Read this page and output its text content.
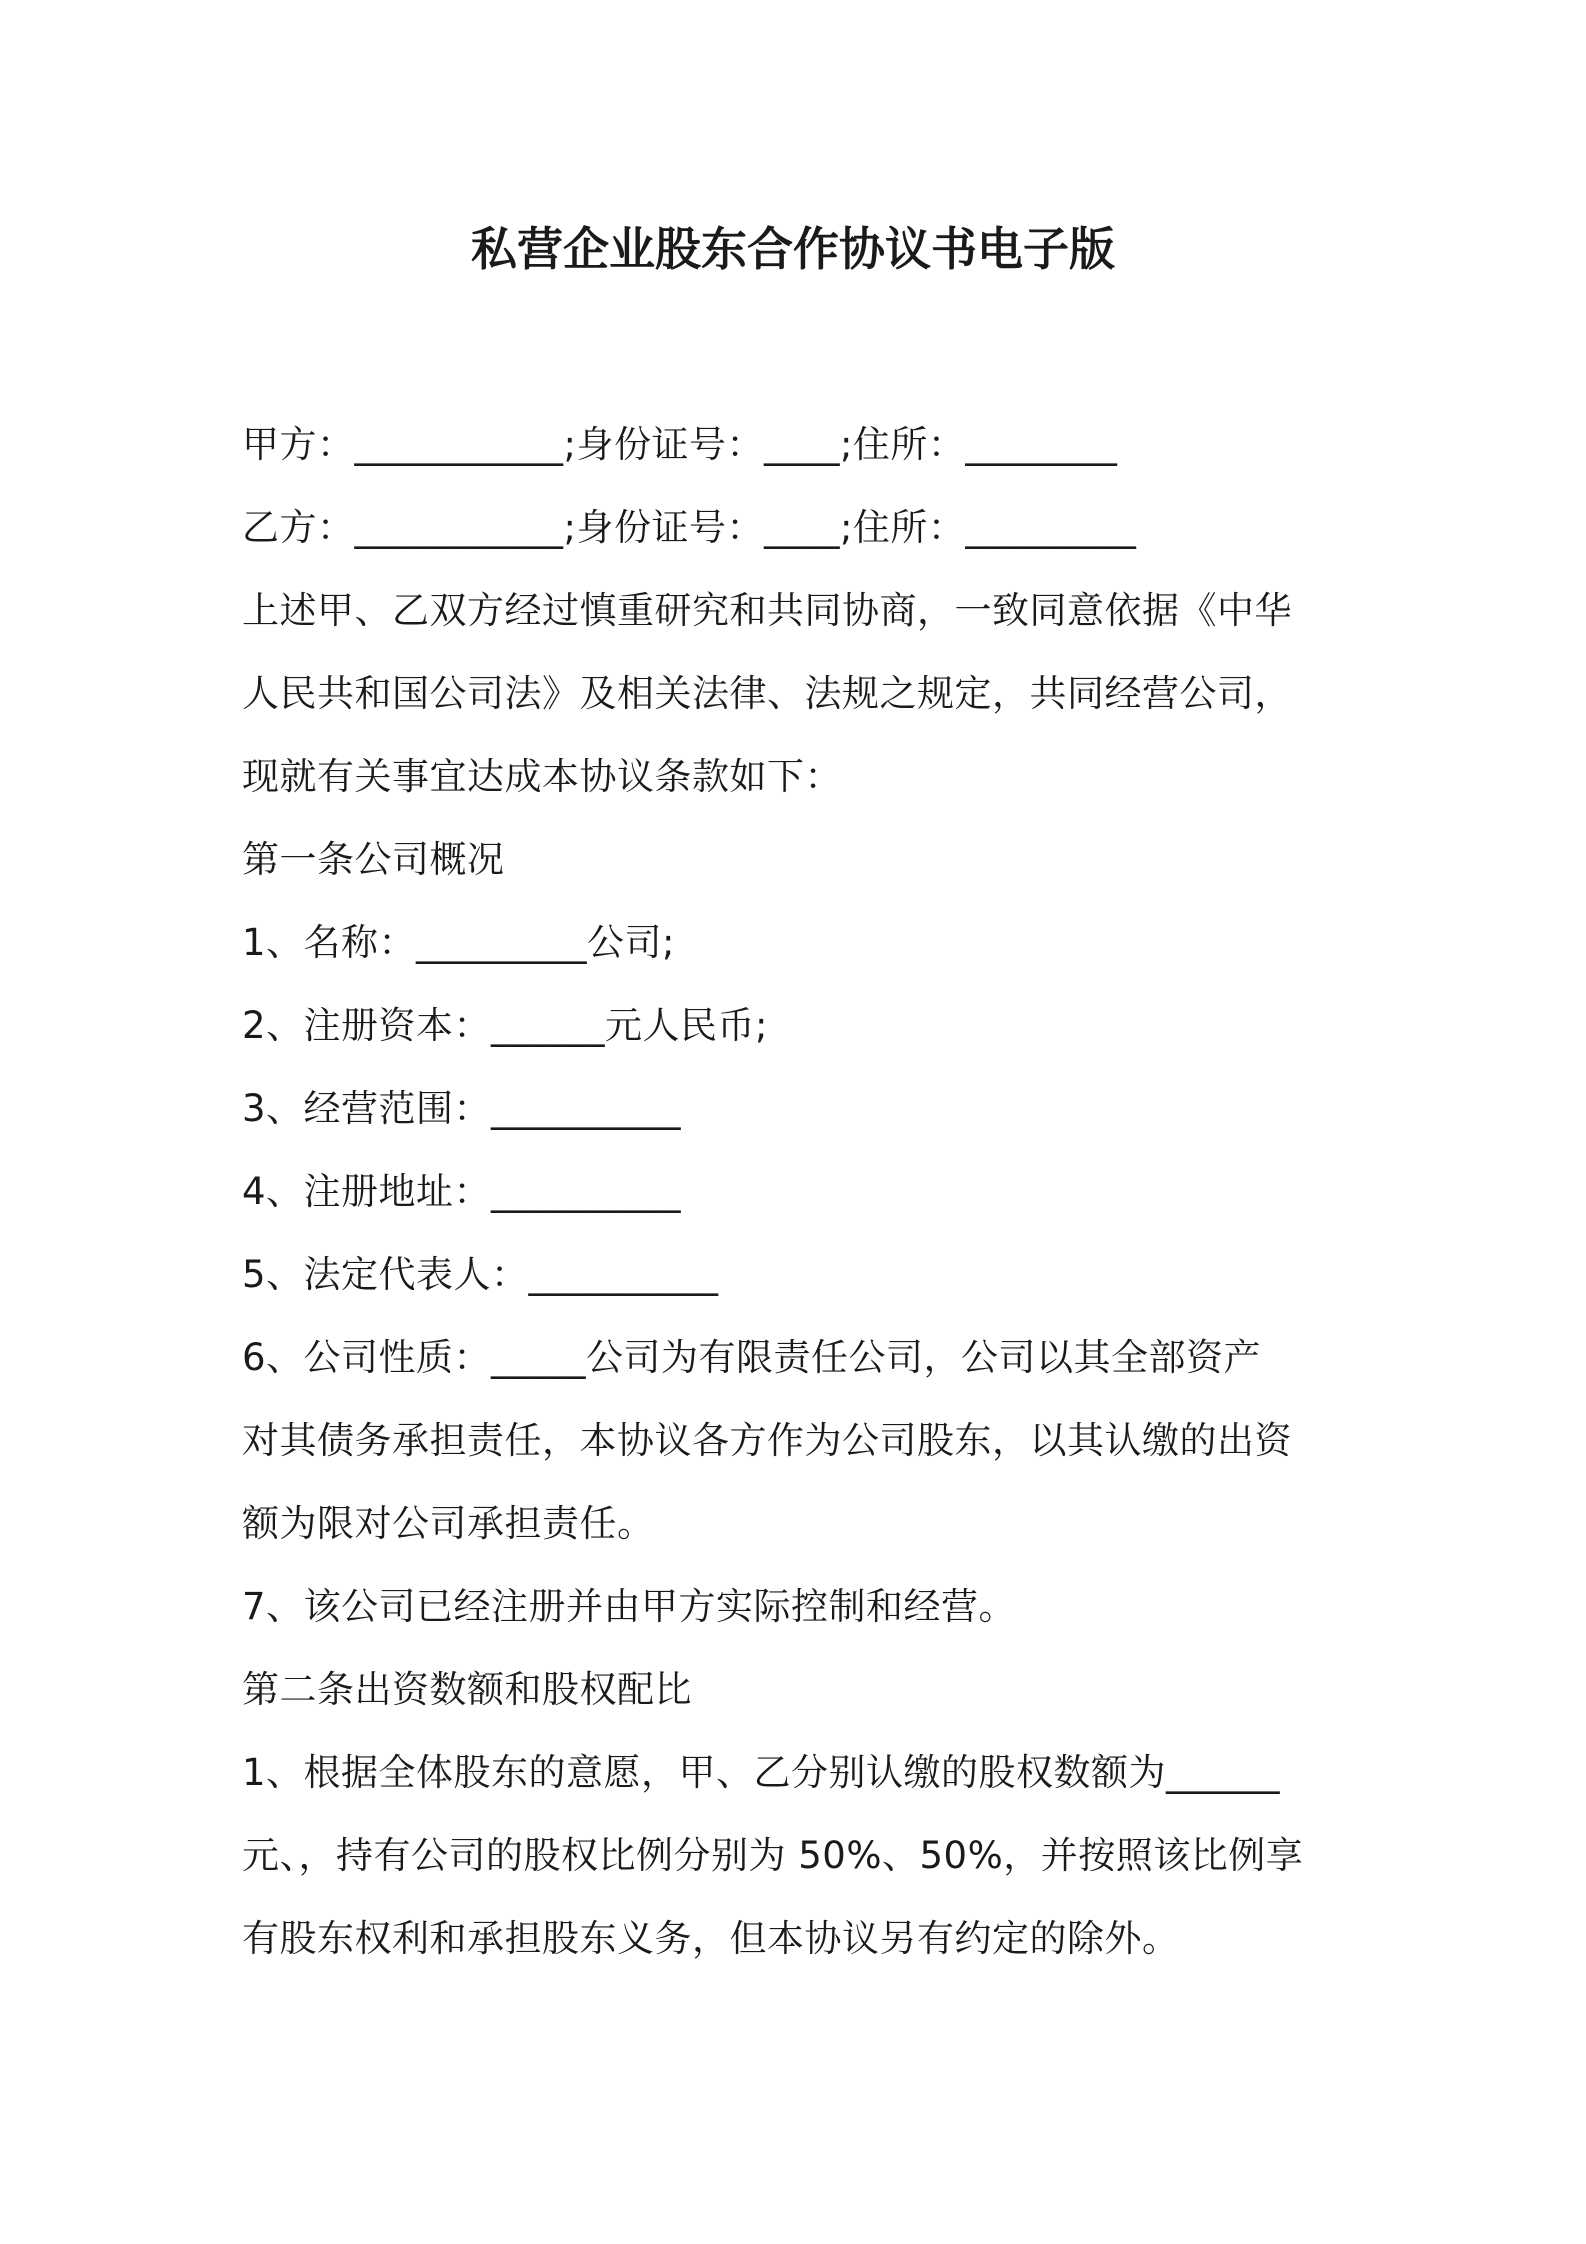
私营企业股东合作协议书电子版

甲方：___________;身份证号：____;住所：________

乙方：___________;身份证号：____;住所：_________

上述甲、乙双方经过慎重研究和共同协商，一致同意依据《中华

人民共和国公司法》及相关法律、法规之规定，共同经营公司，

现就有关事宜达成本协议条款如下：

第一条公司概况

1、名称：_________公司;

2、注册资本：______元人民币;

3、经营范围：__________

4、注册地址：__________

5、法定代表人：__________

6、公司性质：_____公司为有限责任公司，公司以其全部资产

对其债务承担责任，本协议各方作为公司股东，以其认缴的出资

额为限对公司承担责任。

7、该公司已经注册并由甲方实际控制和经营。

第二条出资数额和股权配比

1、根据全体股东的意愿，甲、乙分别认缴的股权数额为______

元、，持有公司的股权比例分别为 50%、50%，并按照该比例享

有股东权利和承担股东义务，但本协议另有约定的除外。
